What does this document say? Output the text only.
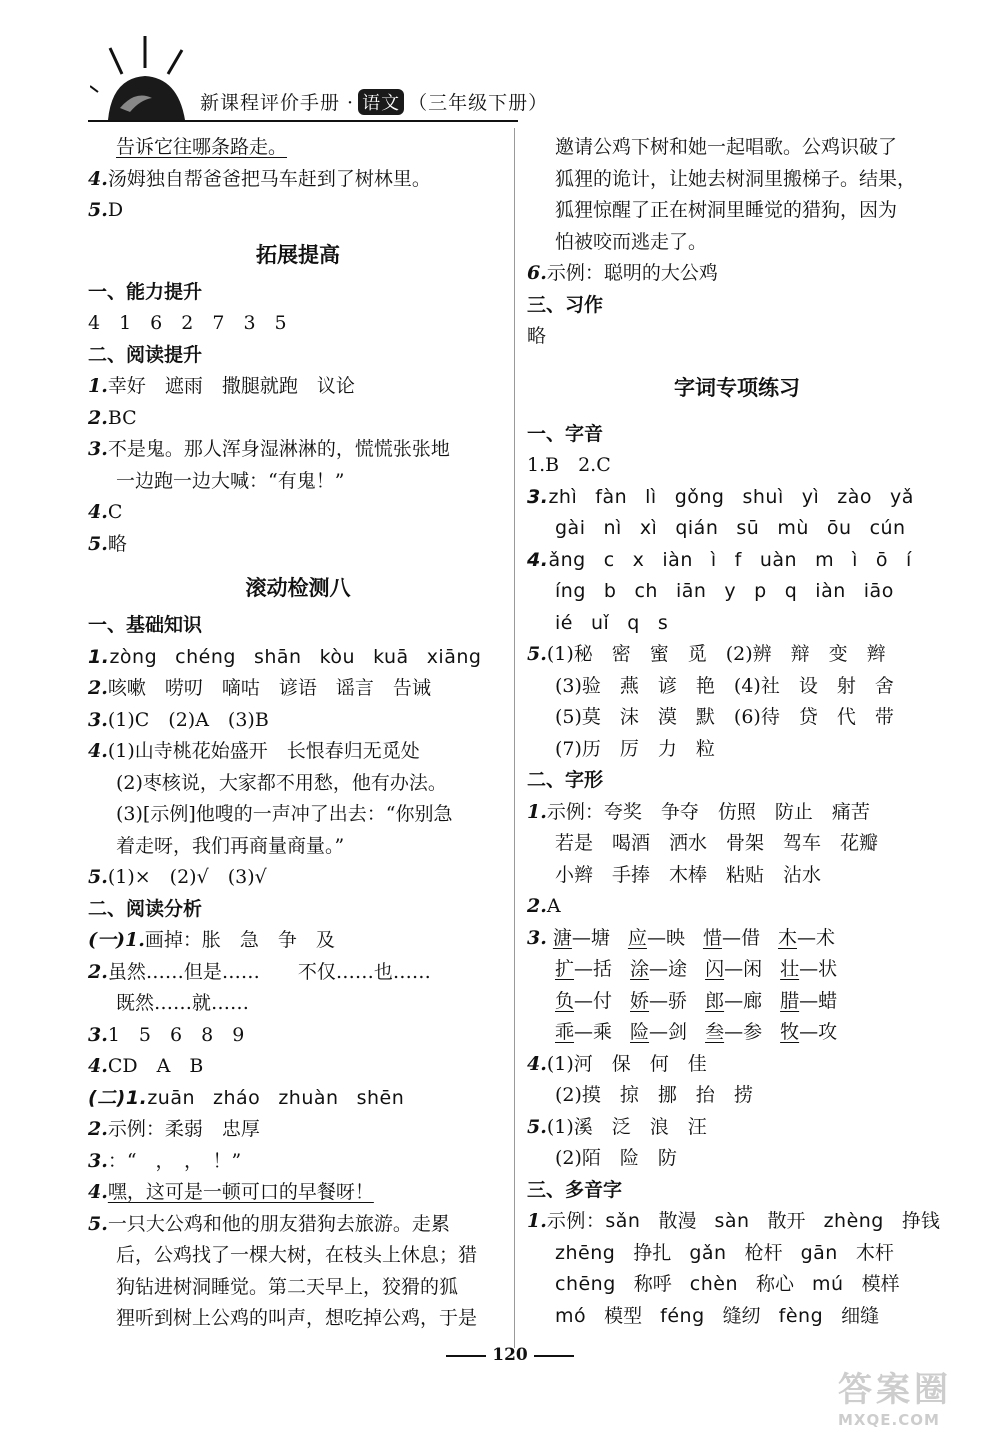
新课程评价手册 · 语文 （三年级下册）
告诉它往哪条路走。
4.汤姆独自帮爸爸把马车赶到了树林里。
5.D
拓展提高
一、能力提升
4　1　6　2　7　3　5
二、阅读提升
1.幸好　遮雨　撒腿就跑　议论
2.BC
3.不是鬼。那人浑身湿淋淋的，慌慌张张地
一边跑一边大喊：“有鬼！”
4.C
5.略
滚动检测八
一、基础知识
1.zòng chéng shān kòu kuā xiāng
2.咳嗽　唠叨　嘀咕　谚语　谣言　告诫
3.(1)C　(2)A　(3)B
4.(1)山寺桃花始盛开　长恨春归无觅处
(2)枣核说，大家都不用愁，他有办法。
(3)[示例]他嗖的一声冲了出去：“你别急
着走呀，我们再商量商量。”
5.(1)×　(2)√　(3)√
二、阅读分析
(一)1.画掉：胀　急　争　及
2.虽然……但是……　　不仅……也……
既然……就……
3.1　5　6　8　9
4.CD　A　B
(二)1.zuān zháo zhuàn shēn
2.示例：柔弱　忠厚
3.：“　，　，　！”
4.嘿，这可是一顿可口的早餐呀！
5.一只大公鸡和他的朋友猎狗去旅游。走累
后，公鸡找了一棵大树，在枝头上休息；猎
狗钻进树洞睡觉。第二天早上，狡猾的狐
狸听到树上公鸡的叫声，想吃掉公鸡，于是
邀请公鸡下树和她一起唱歌。公鸡识破了
狐狸的诡计，让她去树洞里搬梯子。结果，
狐狸惊醒了正在树洞里睡觉的猎狗，因为
怕被咬而逃走了。
6.示例：聪明的大公鸡
三、习作
略
字词专项练习
一、字音
1.B　2.C
3.zhì fàn lì gǒng shuì yì zào yǎ
gài nì xì qián sū mù ōu cún
4.ǎng c x iàn ì f uàn m ì ō í
íng b ch iān y p q iàn iāo
ié uǐ q s
5.(1)秘　密　蜜　觅　(2)辨　辩　变　辫
(3)验　燕　谚　艳　(4)社　设　射　舍
(5)莫　沫　漠　默　(6)待　贷　代　带
(7)历　厉　力　粒
二、字形
1.示例：夸奖　争夺　仿照　防止　痛苦
若是　喝酒　洒水　骨架　驾车　花瓣
小辫　手捧　木棒　粘贴　沾水
2.A
3. 溏—塘 应—映 惜—借 木—术
扩—括 涂—途 闪—闲 壮—状
负—付 娇—骄 郎—廊 腊—蜡
乖—乘 险—剑 叁—参 牧—攻
4.(1)河　保　何　佳
(2)摸　掠　挪　抬　捞
5.(1)溪　泛　浪　汪
(2)陌　险　防
三、多音字
1.示例：sǎn 散漫 sàn 散开 zhèng 挣钱
zhēng 挣扎 gǎn 枪杆 gān 木杆
chēng 称呼 chèn 称心 mú 模样
mó 模型 féng 缝纫 fèng 细缝
120
答案圈
MXQE.COM
